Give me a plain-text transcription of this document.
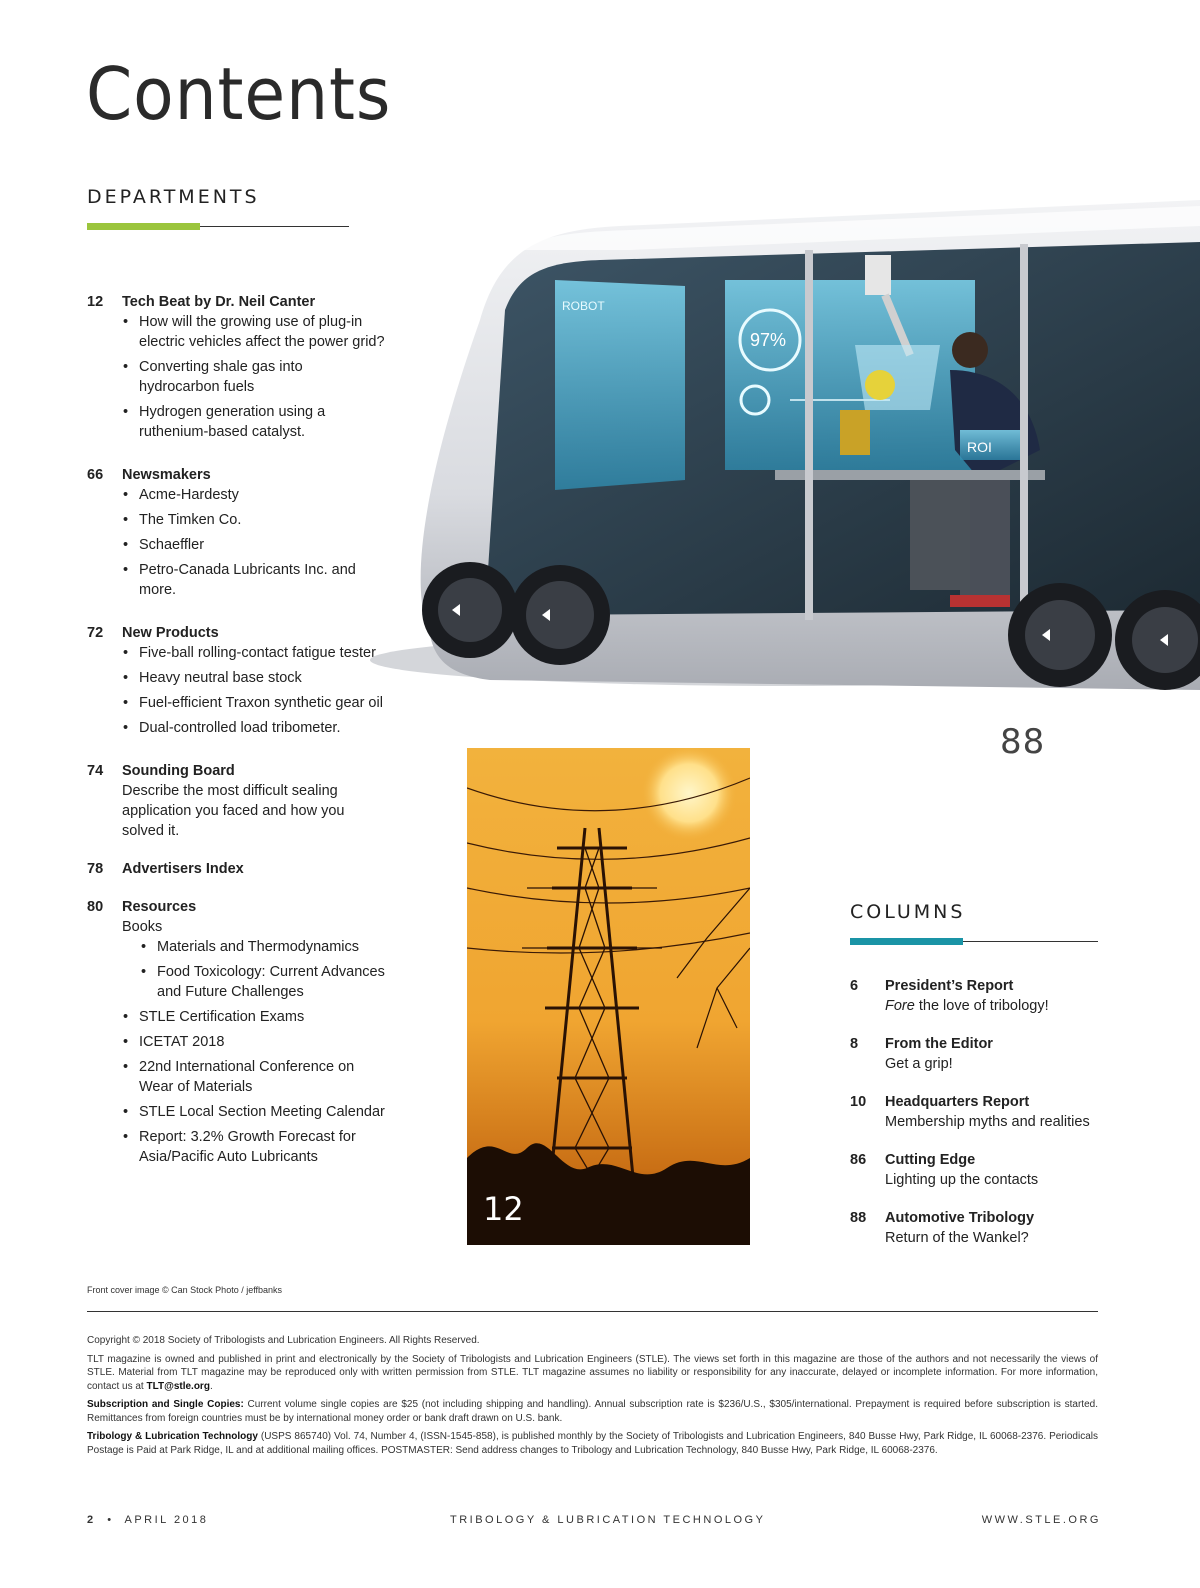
Contents
DEPARTMENTS
12	Tech Beat by Dr. Neil Canter
• How will the growing use of plug-in electric vehicles affect the power grid?
• Converting shale gas into hydrocarbon fuels
• Hydrogen generation using a ruthenium-based catalyst.
66	Newsmakers
• Acme-Hardesty
• The Timken Co.
• Schaeffler
• Petro-Canada Lubricants Inc. and more.
72	New Products
• Five-ball rolling-contact fatigue tester
• Heavy neutral base stock
• Fuel-efficient Traxon synthetic gear oil
• Dual-controlled load tribometer.
74	Sounding Board
Describe the most difficult sealing application you faced and how you solved it.
78	Advertisers Index
80	Resources
Books
• Materials and Thermodynamics
• Food Toxicology: Current Advances and Future Challenges
• STLE Certification Exams
• ICETAT 2018
• 22nd International Conference on Wear of Materials
• STLE Local Section Meeting Calendar
• Report: 3.2% Growth Forecast for Asia/Pacific Auto Lubricants
ROBOT
97%
ROI
88
12
COLUMNS
6	President’s Report
Fore the love of tribology!
8	From the Editor
Get a grip!
10	Headquarters Report
Membership myths and realities
86	Cutting Edge
Lighting up the contacts
88	Automotive Tribology
Return of the Wankel?
Front cover image © Can Stock Photo / jeffbanks

Copyright © 2018 Society of Tribologists and Lubrication Engineers. All Rights Reserved.

TLT magazine is owned and published in print and electronically by the Society of Tribologists and Lubrication Engineers (STLE). The views set forth in this magazine are those of the authors and not necessarily the views of STLE. Material from TLT magazine may be reproduced only with written permission from STLE. TLT magazine assumes no liability or responsibility for any inaccurate, delayed or incomplete information. For more information, contact us at TLT@stle.org.

Subscription and Single Copies: Current volume single copies are $25 (not including shipping and handling). Annual subscription rate is $236/U.S., $305/international. Prepayment is required before subscription is started. Remittances from foreign countries must be by international money order or bank draft drawn on U.S. bank.

Tribology & Lubrication Technology (USPS 865740) Vol. 74, Number 4, (ISSN-1545-858), is published monthly by the Society of Tribologists and Lubrication Engineers, 840 Busse Hwy, Park Ridge, IL 60068-2376. Periodicals Postage is Paid at Park Ridge, IL and at additional mailing offices. POSTMASTER: Send address changes to Tribology and Lubrication Technology, 840 Busse Hwy, Park Ridge, IL 60068-2376.

2 • APRIL 2018	TRIBOLOGY & LUBRICATION TECHNOLOGY	WWW.STLE.ORG
